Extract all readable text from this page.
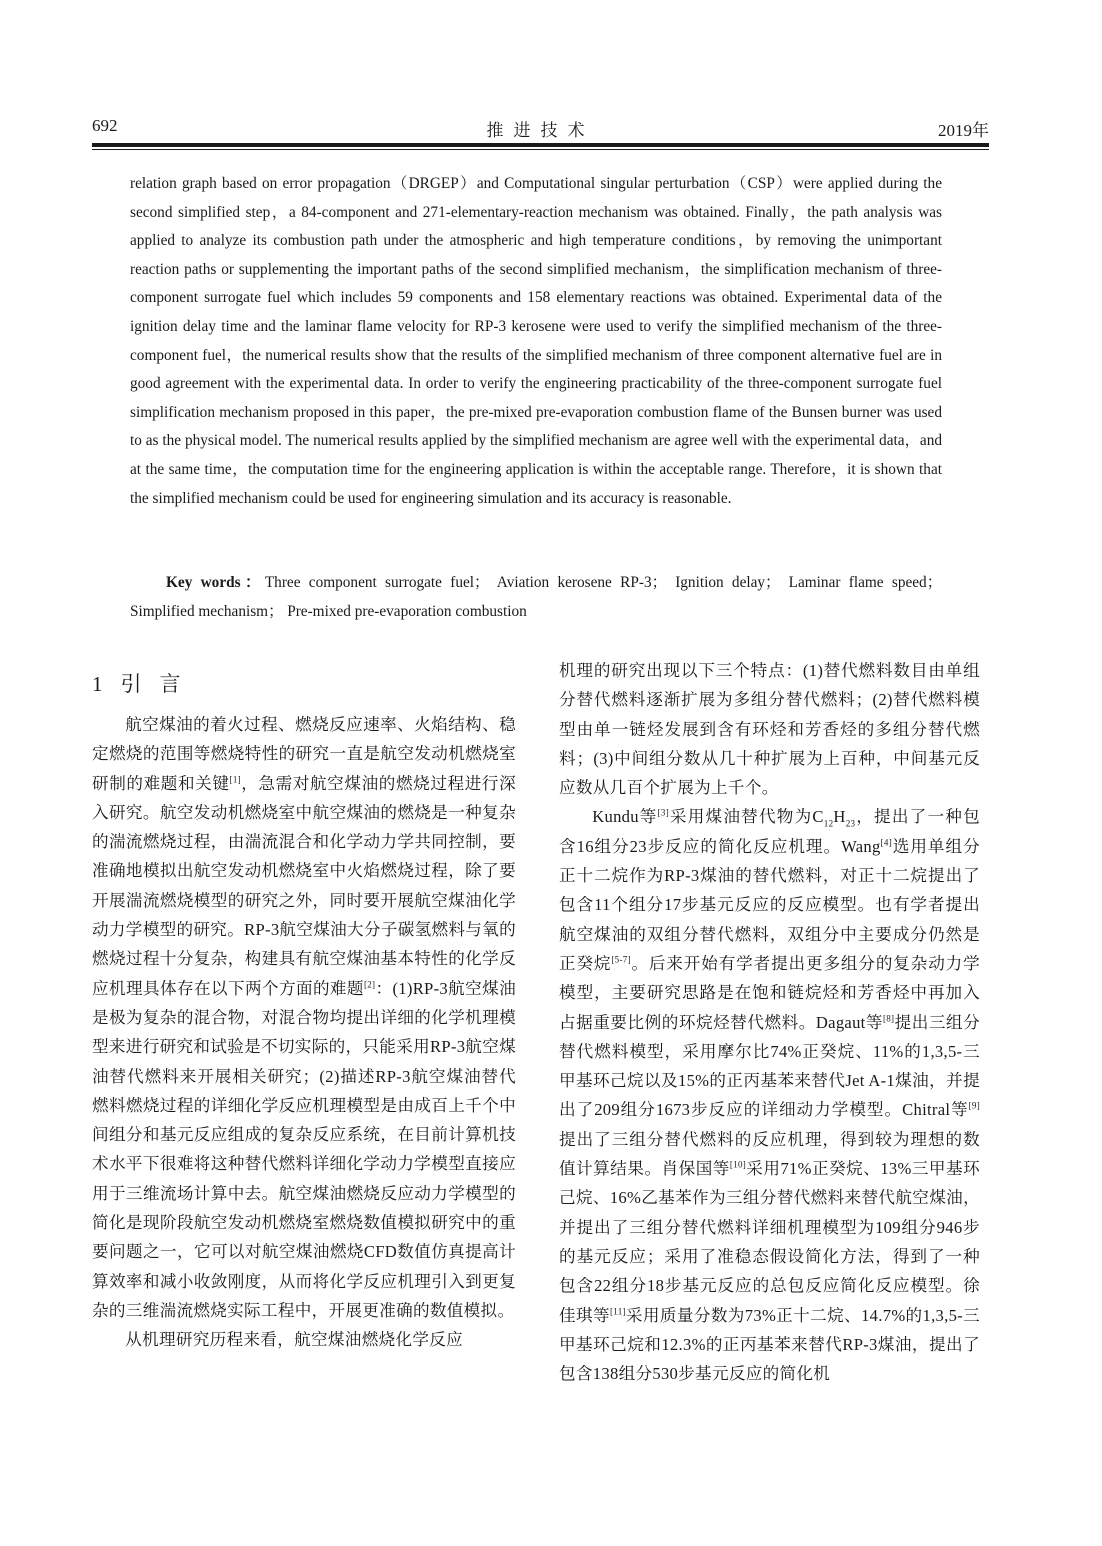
692	推进技术	2019年

relation graph based on error propagation（DRGEP）and Computational singular perturbation（CSP）were applied during the second simplified step，a 84-component and 271-elementary-reaction mechanism was obtained. Finally，the path analysis was applied to analyze its combustion path under the atmospheric and high temperature conditions，by removing the unimportant reaction paths or supplementing the important paths of the second simplified mechanism，the simplification mechanism of three-component surrogate fuel which includes 59 components and 158 elementary reactions was obtained. Experimental data of the ignition delay time and the laminar flame velocity for RP-3 kerosene were used to verify the simplified mechanism of the three-component fuel，the numerical results show that the results of the simplified mechanism of three component alternative fuel are in good agreement with the experimental data. In order to verify the engineering practicability of the three-component surrogate fuel simplification mechanism proposed in this paper，the pre-mixed pre-evaporation combustion flame of the Bunsen burner was used to as the physical model. The numerical results applied by the simplified mechanism are agree well with the experimental data，and at the same time，the computation time for the engineering application is within the acceptable range. Therefore，it is shown that the simplified mechanism could be used for engineering simulation and its accuracy is reasonable.

Key words：Three component surrogate fuel； Aviation kerosene RP-3； Ignition delay； Laminar flame speed； Simplified mechanism； Pre-mixed pre-evaporation combustion
1 引言

航空煤油的着火过程、燃烧反应速率、火焰结构、稳定燃烧的范围等燃烧特性的研究一直是航空发动机燃烧室研制的难题和关键[1]，急需对航空煤油的燃烧过程进行深入研究。航空发动机燃烧室中航空煤油的燃烧是一种复杂的湍流燃烧过程，由湍流混合和化学动力学共同控制，要准确地模拟出航空发动机燃烧室中火焰燃烧过程，除了要开展湍流燃烧模型的研究之外，同时要开展航空煤油化学动力学模型的研究。RP-3航空煤油大分子碳氢燃料与氧的燃烧过程十分复杂，构建具有航空煤油基本特性的化学反应机理具体存在以下两个方面的难题[2]：(1)RP-3航空煤油是极为复杂的混合物，对混合物均提出详细的化学机理模型来进行研究和试验是不切实际的，只能采用RP-3航空煤油替代燃料来开展相关研究；(2)描述RP-3航空煤油替代燃料燃烧过程的详细化学反应机理模型是由成百上千个中间组分和基元反应组成的复杂反应系统，在目前计算机技术水平下很难将这种替代燃料详细化学动力学模型直接应用于三维流场计算中去。航空煤油燃烧反应动力学模型的简化是现阶段航空发动机燃烧室燃烧数值模拟研究中的重要问题之一，它可以对航空煤油燃烧CFD数值仿真提高计算效率和减小收敛刚度，从而将化学反应机理引入到更复杂的三维湍流燃烧实际工程中，开展更准确的数值模拟。

从机理研究历程来看，航空煤油燃烧化学反应

机理的研究出现以下三个特点：(1)替代燃料数目由单组分替代燃料逐渐扩展为多组分替代燃料；(2)替代燃料模型由单一链烃发展到含有环烃和芳香烃的多组分替代燃料；(3)中间组分数从几十种扩展为上百种，中间基元反应数从几百个扩展为上千个。

Kundu等[3]采用煤油替代物为$C_{12}H_{23}$，提出了一种包含16组分23步反应的简化反应机理。Wang[4]选用单组分正十二烷作为RP-3煤油的替代燃料，对正十二烷提出了包含11个组分17步基元反应的反应模型。也有学者提出航空煤油的双组分替代燃料，双组分中主要成分仍然是正癸烷[5-7]。后来开始有学者提出更多组分的复杂动力学模型，主要研究思路是在饱和链烷烃和芳香烃中再加入占据重要比例的环烷烃替代燃料。Dagaut等[8]提出三组分替代燃料模型，采用摩尔比74%正癸烷、11%的1,3,5-三甲基环己烷以及15%的正丙基苯来替代Jet A-1煤油，并提出了209组分1673步反应的详细动力学模型。Chitral等[9]提出了三组分替代燃料的反应机理，得到较为理想的数值计算结果。肖保国等[10]采用71%正癸烷、13%三甲基环己烷、16%乙基苯作为三组分替代燃料来替代航空煤油，并提出了三组分替代燃料详细机理模型为109组分946步的基元反应；采用了准稳态假设简化方法，得到了一种包含22组分18步基元反应的总包反应简化反应模型。徐佳琪等[11]采用质量分数为73%正十二烷、14.7%的1,3,5-三甲基环己烷和12.3%的正丙基苯来替代RP-3煤油，提出了包含138组分530步基元反应的简化机
